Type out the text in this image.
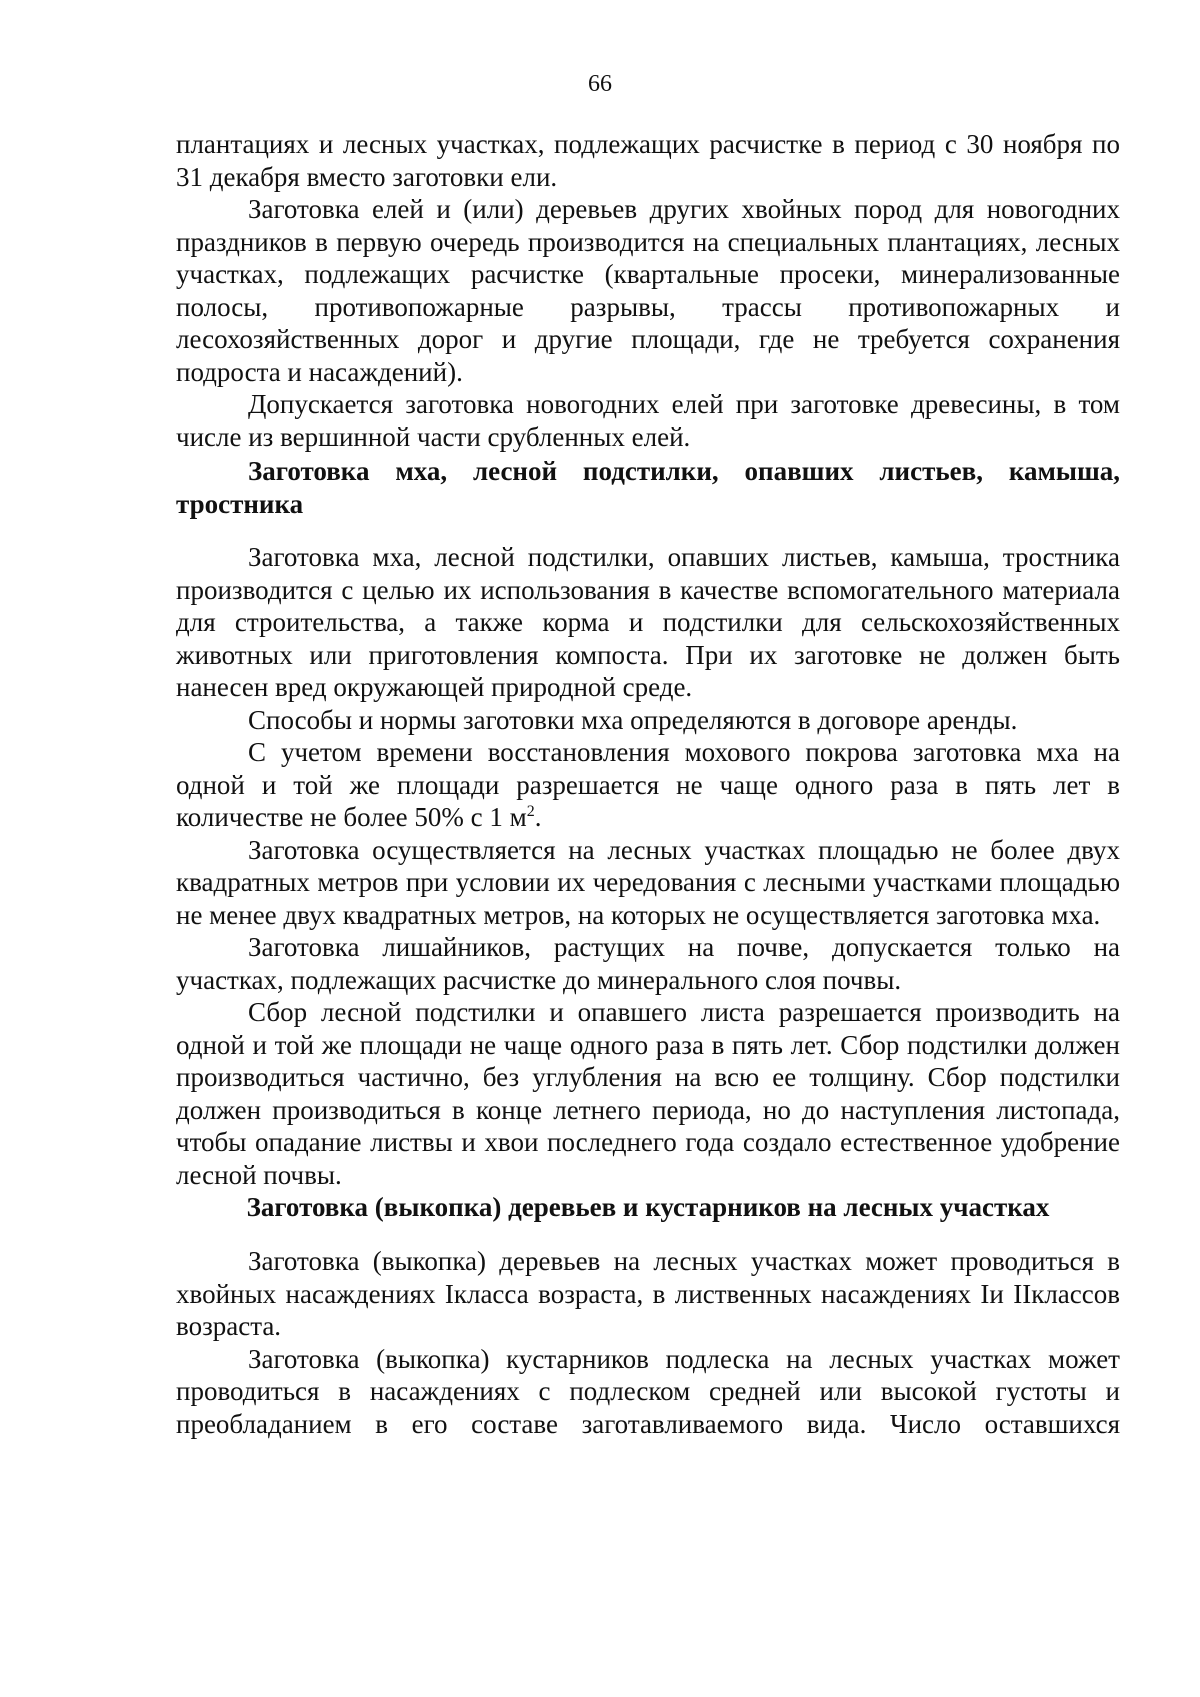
66

плантациях и лесных участках, подлежащих расчистке в период с 30 ноября по 31 декабря вместо заготовки ели.

Заготовка елей и (или) деревьев других хвойных пород для новогодних праздников в первую очередь производится на специальных плантациях, лесных участках, подлежащих расчистке (квартальные просеки, минерализованные полосы, противопожарные разрывы, трассы противопожарных и лесохозяйственных дорог и другие площади, где не требуется сохранения подроста и насаждений).

Допускается заготовка новогодних елей при заготовке древесины, в том числе из вершинной части срубленных елей.

Заготовка мха, лесной подстилки, опавших листьев, камыша, тростника

Заготовка мха, лесной подстилки, опавших листьев, камыша, тростника производится с целью их использования в качестве вспомогательного материала для строительства, а также корма и подстилки для сельскохозяйственных животных или приготовления компоста. При их заготовке не должен быть нанесен вред окружающей природной среде.

Способы и нормы заготовки мха определяются в договоре аренды.

С учетом времени восстановления мохового покрова заготовка мха на одной и той же площади разрешается не чаще одного раза в пять лет в количестве не более 50% с 1 $м^2$.

Заготовка осуществляется на лесных участках площадью не более двух квадратных метров при условии их чередования с лесными участками площадью не менее двух квадратных метров, на которых не осуществляется заготовка мха.

Заготовка лишайников, растущих на почве, допускается только на участках, подлежащих расчистке до минерального слоя почвы.

Сбор лесной подстилки и опавшего листа разрешается производить на одной и той же площади не чаще одного раза в пять лет. Сбор подстилки должен производиться частично, без углубления на всю ее толщину. Сбор подстилки должен производиться в конце летнего периода, но до наступления листопада, чтобы опадание листвы и хвои последнего года создало естественное удобрение лесной почвы.

Заготовка (выкопка) деревьев и кустарников на лесных участках

Заготовка (выкопка) деревьев на лесных участках может проводиться в хвойных насаждениях Iкласса возраста, в лиственных насаждениях Iи IIклассов возраста.

Заготовка (выкопка) кустарников подлеска на лесных участках может проводиться в насаждениях с подлеском средней или высокой густоты и преобладанием в его составе заготавливаемого вида. Число оставшихся
